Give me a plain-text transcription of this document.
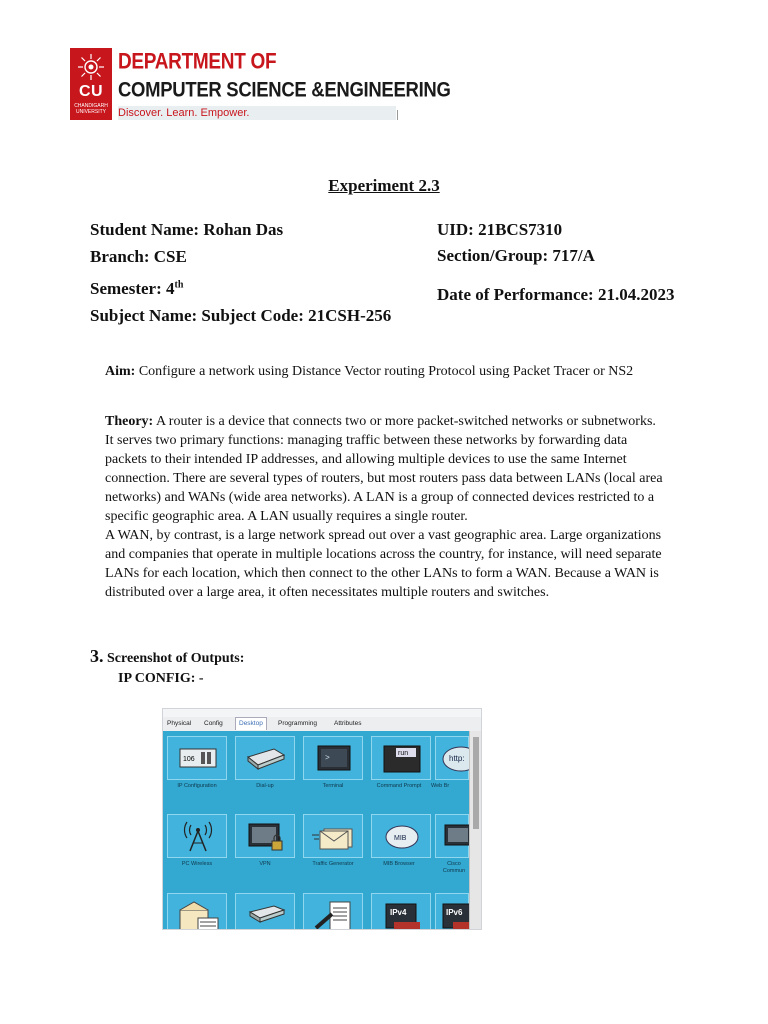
CU
CHANDIGARH UNIVERSITY
DEPARTMENT OF
COMPUTER SCIENCE &ENGINEERING
Discover. Learn. Empower.
Experiment 2.3
Student Name: Rohan Das	UID: 21BCS7310
Branch: CSE	Section/Group: 717/A
Semester: 4th
Date of Performance: 21.04.2023
Subject Name: Subject Code: 21CSH-256
Aim: Configure a network using Distance Vector routing Protocol using Packet Tracer or NS2
Theory: A router is a device that connects two or more packet-switched networks or subnetworks. It serves two primary functions: managing traffic between these networks by forwarding data packets to their intended IP addresses, and allowing multiple devices to use the same Internet connection. There are several types of routers, but most routers pass data between LANs (local area networks) and WANs (wide area networks). A LAN is a group of connected devices restricted to a specific geographic area. A LAN usually requires a single router.
A WAN, by contrast, is a large network spread out over a vast geographic area. Large organizations and companies that operate in multiple locations across the country, for instance, will need separate LANs for each location, which then connect to the other LANs to form a WAN. Because a WAN is distributed over a large area, it often necessitates multiple routers and switches.
3. Screenshot of Outputs:
IP CONFIG: -
Physical	Config	Desktop	Programming	Attributes
106	>
run
http:
IP Configuration	Dial-up	Terminal	Command Prompt	Web Br
MIB
PC Wireless	VPN	Traffic Generator	MIB Browser	Cisco Commun
IPv4	IPv6
